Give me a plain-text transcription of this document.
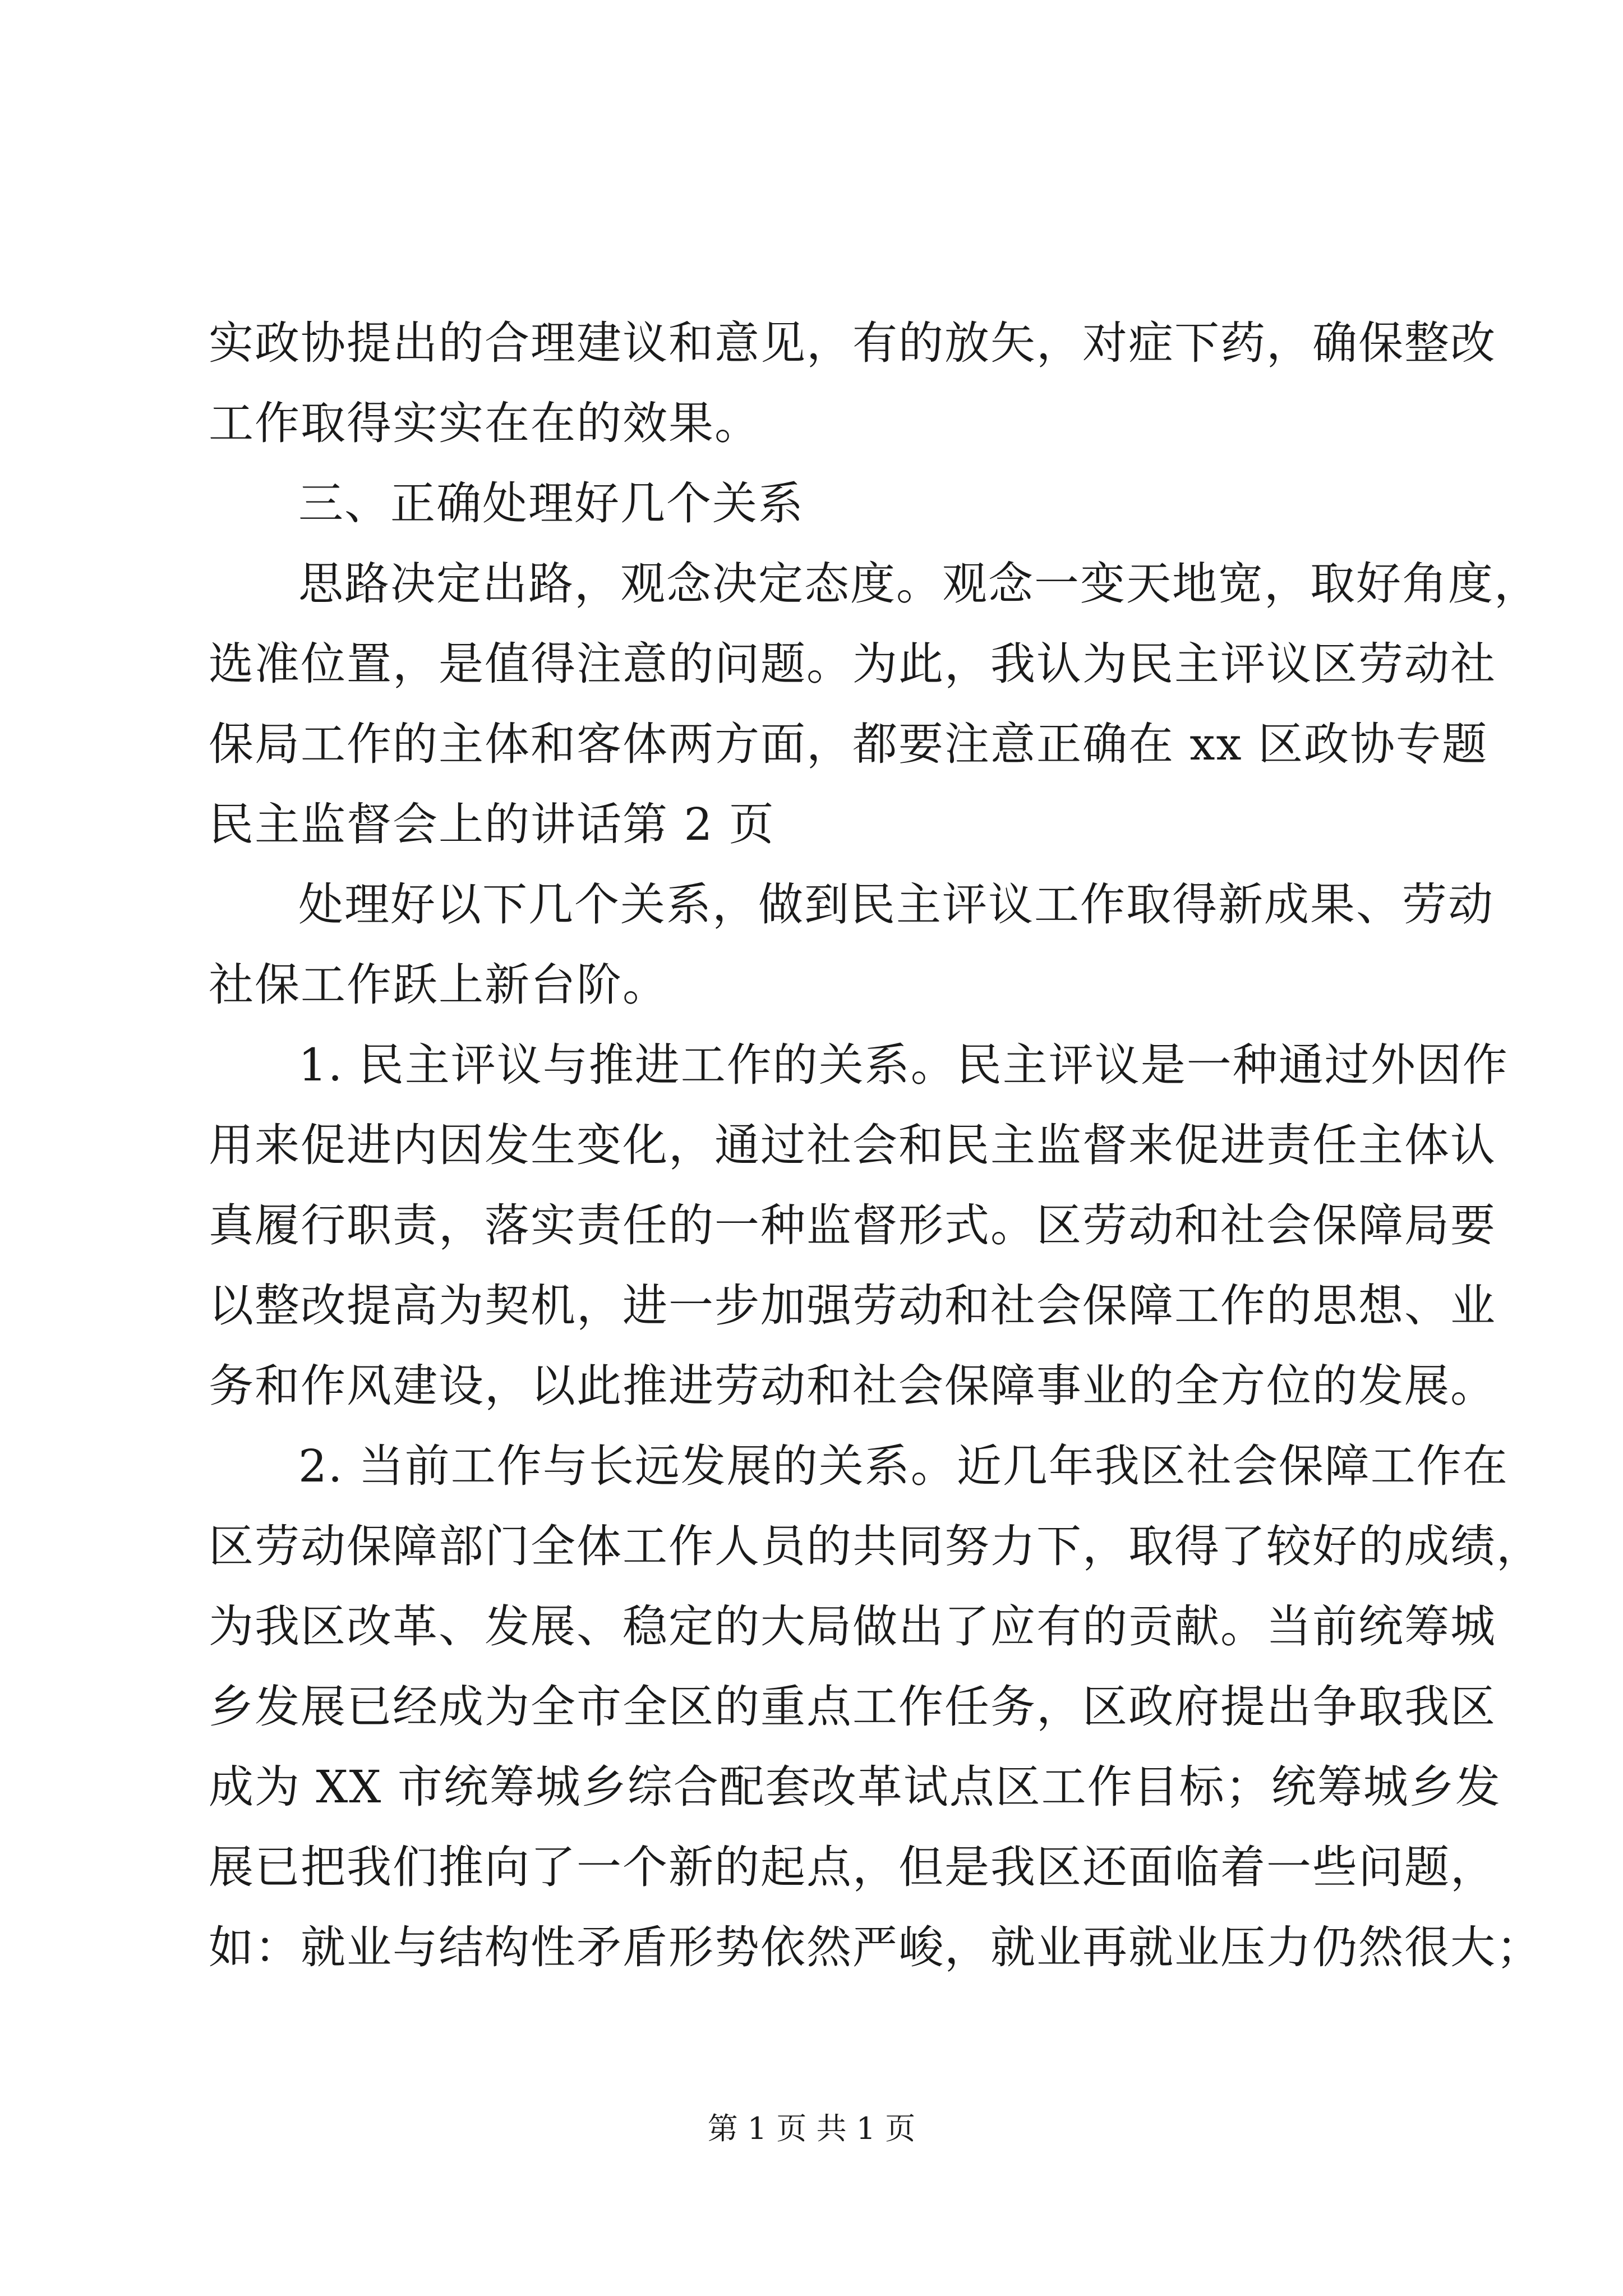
实政协提出的合理建议和意见，有的放矢，对症下药，确保整改
工作取得实实在在的效果。
三、正确处理好几个关系
思路决定出路，观念决定态度。观念一变天地宽，取好角度，
选准位置，是值得注意的问题。为此，我认为民主评议区劳动社
保局工作的主体和客体两方面，都要注意正确在 xx 区政协专题
民主监督会上的讲话第 2 页
处理好以下几个关系，做到民主评议工作取得新成果、劳动
社保工作跃上新台阶。
1. 民主评议与推进工作的关系。民主评议是一种通过外因作
用来促进内因发生变化，通过社会和民主监督来促进责任主体认
真履行职责，落实责任的一种监督形式。区劳动和社会保障局要
以整改提高为契机，进一步加强劳动和社会保障工作的思想、业
务和作风建设，以此推进劳动和社会保障事业的全方位的发展。
2. 当前工作与长远发展的关系。近几年我区社会保障工作在
区劳动保障部门全体工作人员的共同努力下，取得了较好的成绩，
为我区改革、发展、稳定的大局做出了应有的贡献。当前统筹城
乡发展已经成为全市全区的重点工作任务，区政府提出争取我区
成为 XX 市统筹城乡综合配套改革试点区工作目标；统筹城乡发
展已把我们推向了一个新的起点，但是我区还面临着一些问题，
如：就业与结构性矛盾形势依然严峻，就业再就业压力仍然很大；
第 1 页 共 1 页
